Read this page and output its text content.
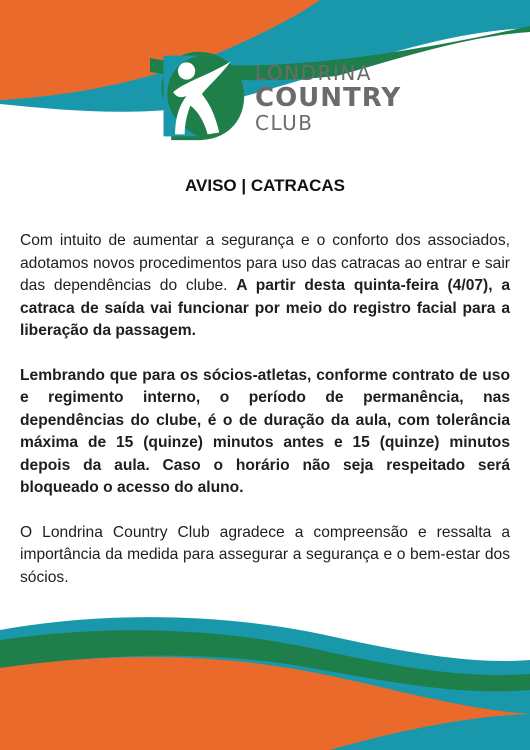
LONDRINA
COUNTRY
CLUB
AVISO | CATRACAS

Com intuito de aumentar a segurança e o conforto dos associados, adotamos novos procedimentos para uso das catracas ao entrar e sair das dependências do clube. A partir desta quinta-feira (4/07), a catraca de saída vai funcionar por meio do registro facial para a liberação da passagem.

Lembrando que para os sócios-atletas, conforme contrato de uso e regimento interno, o período de permanência, nas dependências do clube, é o de duração da aula, com tolerância máxima de 15 (quinze) minutos antes e 15 (quinze) minutos depois da aula. Caso o horário não seja respeitado será bloqueado o acesso do aluno.

O Londrina Country Club agradece a compreensão e ressalta a importância da medida para assegurar a segurança e o bem-estar dos sócios.
